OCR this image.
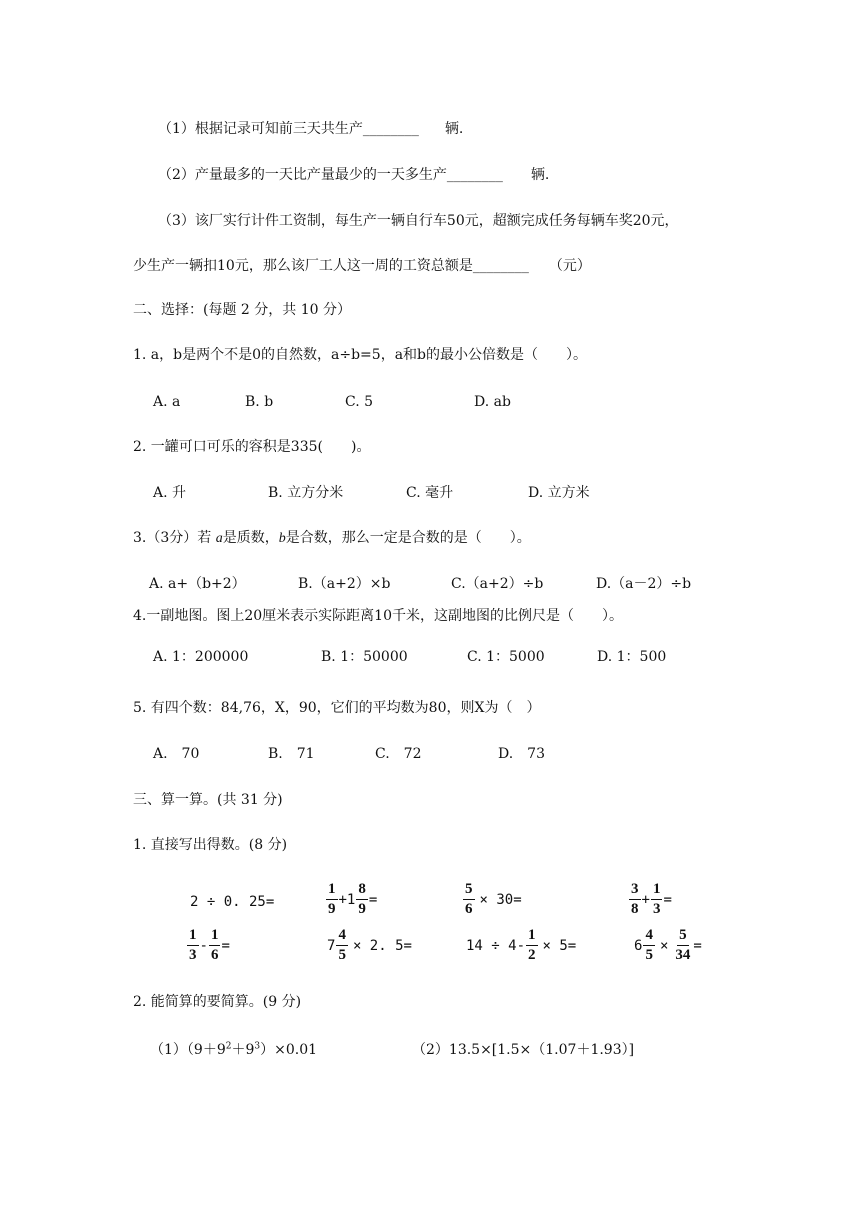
（1）根据记录可知前三天共生产________ 辆.
（2）产量最多的一天比产量最少的一天多生产________ 辆.
（3）该厂实行计件工资制，每生产一辆自行车50元，超额完成任务每辆车奖20元，
少生产一辆扣10元，那么该厂工人这一周的工资总额是________ （元）
二、选择：(每题 2 分，共 10 分）
1. a，b是两个不是0的自然数，a÷b=5，a和b的最小公倍数是（　　）。
A. a	B. b	C. 5	D. ab
2. 一罐可口可乐的容积是335(　　)。
A. 升	B. 立方分米	C. 毫升	D. 立方米
3.（3分）若 a是质数，b是合数，那么一定是合数的是（　　）。
A. a+（b+2）	B.（a+2）×b	C.（a+2）÷b	D.（a－2）÷b
4.一副地图。图上20厘米表示实际距离10千米，这副地图的比例尺是（　　）。
A. 1：200000	B. 1：50000	C. 1：5000	D. 1：500
5. 有四个数：84,76，X，90，它们的平均数为80，则X为（　）
A.　70	B.　71	C.　72	D.　73
三、算一算。(共 31 分)
1. 直接写出得数。(8 分)
2 ÷ 0. 25=	$\frac{1}{9} +1 \frac{8}{9}$ =	$\frac{5}{6} \times 30=$	$\frac{3}{8} + \frac{1}{3}$ =
$\frac{1}{3} - \frac{1}{6}$ =	$7 \frac{4}{5} \times 2$. 5=	$14 \div 4- \frac{1}{2} \times 5=$	$6 \frac{4}{5} \times \frac{5}{34}$ =
2. 能简算的要简算。(9 分)
$(1)(9+9^2+9^3)\times 0.01$	（2）13.5×[1.5×（1.07＋1.93）]
